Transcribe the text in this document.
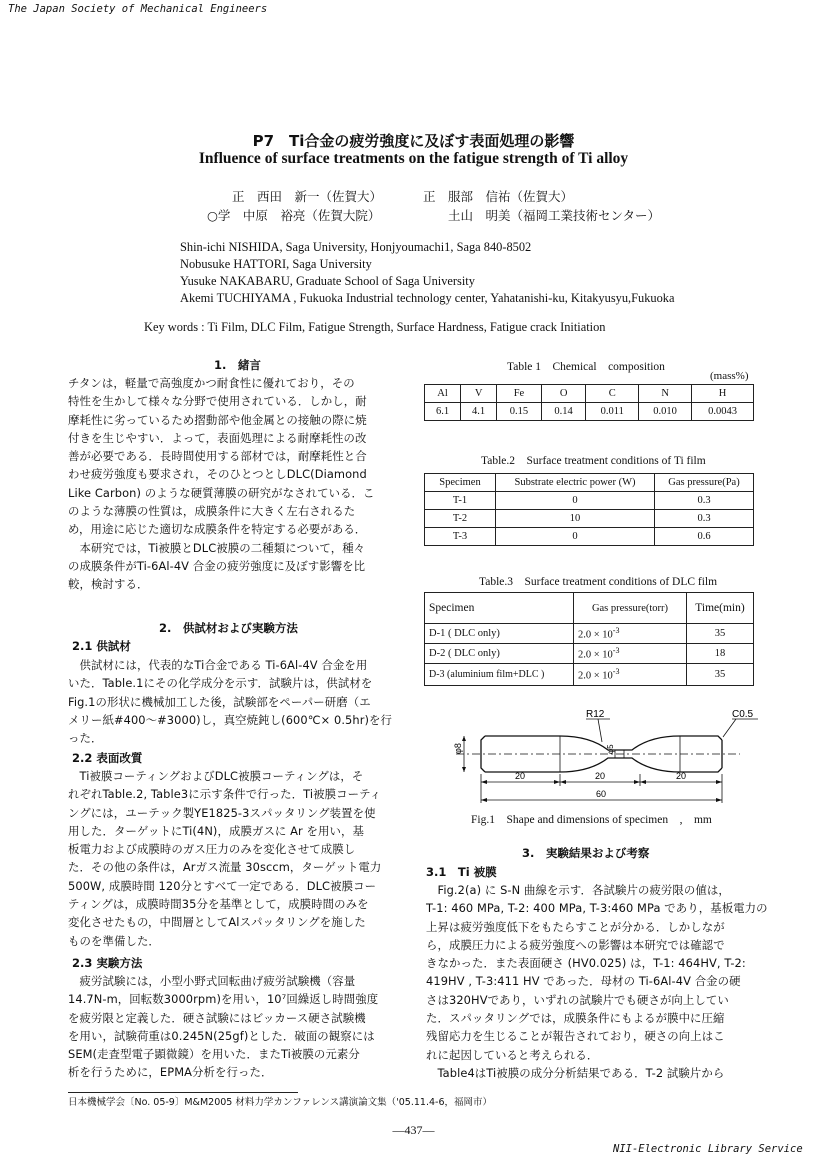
The Japan Society of Mechanical Engineers
P7　Ti合金の疲労強度に及ぼす表面処理の影響
Influence of surface treatments on the fatigue strength of Ti alloy
正　西田　新一（佐賀大）	正　服部　信祐（佐賀大）
○学　中原　裕亮（佐賀大院）	土山　明美（福岡工業技術センター）
Shin-ichi NISHIDA, Saga University, Honjyoumachi1, Saga 840-8502
Nobusuke HATTORI, Saga University
Yusuke NAKABARU, Graduate School of Saga University
Akemi TUCHIYAMA , Fukuoka Industrial technology center, Yahatanishi-ku, Kitakyusyu,Fukuoka
Key words : Ti Film, DLC Film, Fatigue Strength, Surface Hardness, Fatigue crack Initiation
1.　緒言
チタンは，軽量で高強度かつ耐食性に優れており，その
特性を生かして様々な分野で使用されている．しかし，耐
摩耗性に劣っているため摺動部や他金属との接触の際に焼
付きを生じやすい．よって，表面処理による耐摩耗性の改
善が必要である．長時間使用する部材では，耐摩耗性と合
わせ疲労強度も要求され，そのひとつとしDLC(Diamond
Like Carbon) のような硬質薄膜の研究がなされている．こ
のような薄膜の性質は，成膜条件に大きく左右されるた
め，用途に応じた適切な成膜条件を特定する必要がある．
　本研究では，Ti被膜とDLC被膜の二種類について，種々
の成膜条件がTi-6Al-4V 合金の疲労強度に及ぼす影響を比
較，検討する．
2.　供試材および実験方法
2.1 供試材
　供試材には，代表的なTi合金である Ti-6Al-4V 合金を用
いた．Table.1にその化学成分を示す．試験片は，供試材を
Fig.1の形状に機械加工した後，試験部をペーパー研磨（エ
メリー紙#400～#3000)し，真空焼鈍し(600℃× 0.5hr)を行
った．
2.2 表面改質
　Ti被膜コーティングおよびDLC被膜コーティングは，そ
れぞれTable.2, Table3に示す条件で行った．Ti被膜コーティ
ングには，ユーテック製YE1825-3スパッタリング装置を使
用した．ターゲットにTi(4N)，成膜ガスに Ar を用い，基
板電力および成膜時のガス圧力のみを変化させて成膜し
た．その他の条件は，Arガス流量 30sccm，ターゲット電力
500W, 成膜時間 120分とすべて一定である．DLC被膜コー
ティングは，成膜時間35分を基準として，成膜時間のみを
変化させたもの，中間層としてAlスパッタリングを施した
ものを準備した．
2.3 実験方法
　疲労試験には，小型小野式回転曲げ疲労試験機（容量
14.7N-m，回転数3000rpm)を用い，10⁷回繰返し時間強度
を疲労限と定義した．硬さ試験にはビッカース硬さ試験機
を用い，試験荷重は0.245N(25gf)とした．破面の観察には
SEM(走査型電子顕微鏡）を用いた．またTi被膜の元素分
析を行うために，EPMA分析を行った．
Table 1　Chemical　composition
(mass%)
Al	V	Fe	O	C	N	H
6.1	4.1	0.15	0.14	0.011	0.010	0.0043
Table.2　Surface treatment conditions of Ti film
Specimen	Substrate electric power (W)	Gas pressure(Pa)
T-1	0	0.3
T-2	10	0.3
T-3	0	0.6
Table.3　Surface treatment conditions of DLC film
Specimen	Gas pressure(torr)	Time(min)
D-1 ( DLC only)	$2.0 \times 10^{-3}$	35
D-2 ( DLC only)	$2.0 \times 10^{-3}$	18
D-3 (aluminium film+DLC )	$2.0 \times 10^{-3}$	35
φ8	φ5
R12	C0.5
20	20	20
60
Fig.1　Shape and dimensions of specimen　,　mm
3.　実験結果および考察
3.1　Ti 被膜
　Fig.2(a) に S-N 曲線を示す．各試験片の疲労限の値は，
T-1: 460 MPa, T-2: 400 MPa, T-3:460 MPa であり，基板電力の
上昇は疲労強度低下をもたらすことが分かる．しかしなが
ら，成膜圧力による疲労強度への影響は本研究では確認で
きなかった．また表面硬さ (HV0.025) は，T-1: 464HV, T-2:
419HV , T-3:411 HV であった．母材の Ti-6Al-4V 合金の硬
さは320HVであり，いずれの試験片でも硬さが向上してい
た．スパッタリングでは，成膜条件にもよるが膜中に圧縮
残留応力を生じることが報告されており，硬さの向上はこ
れに起因していると考えられる．
　Table4はTi被膜の成分分析結果である．T-2 試験片から
日本機械学会〔No. 05-9〕M&M2005 材料力学カンファレンス講演論文集（'05.11.4-6，福岡市）
―437―
NII-Electronic Library Service
